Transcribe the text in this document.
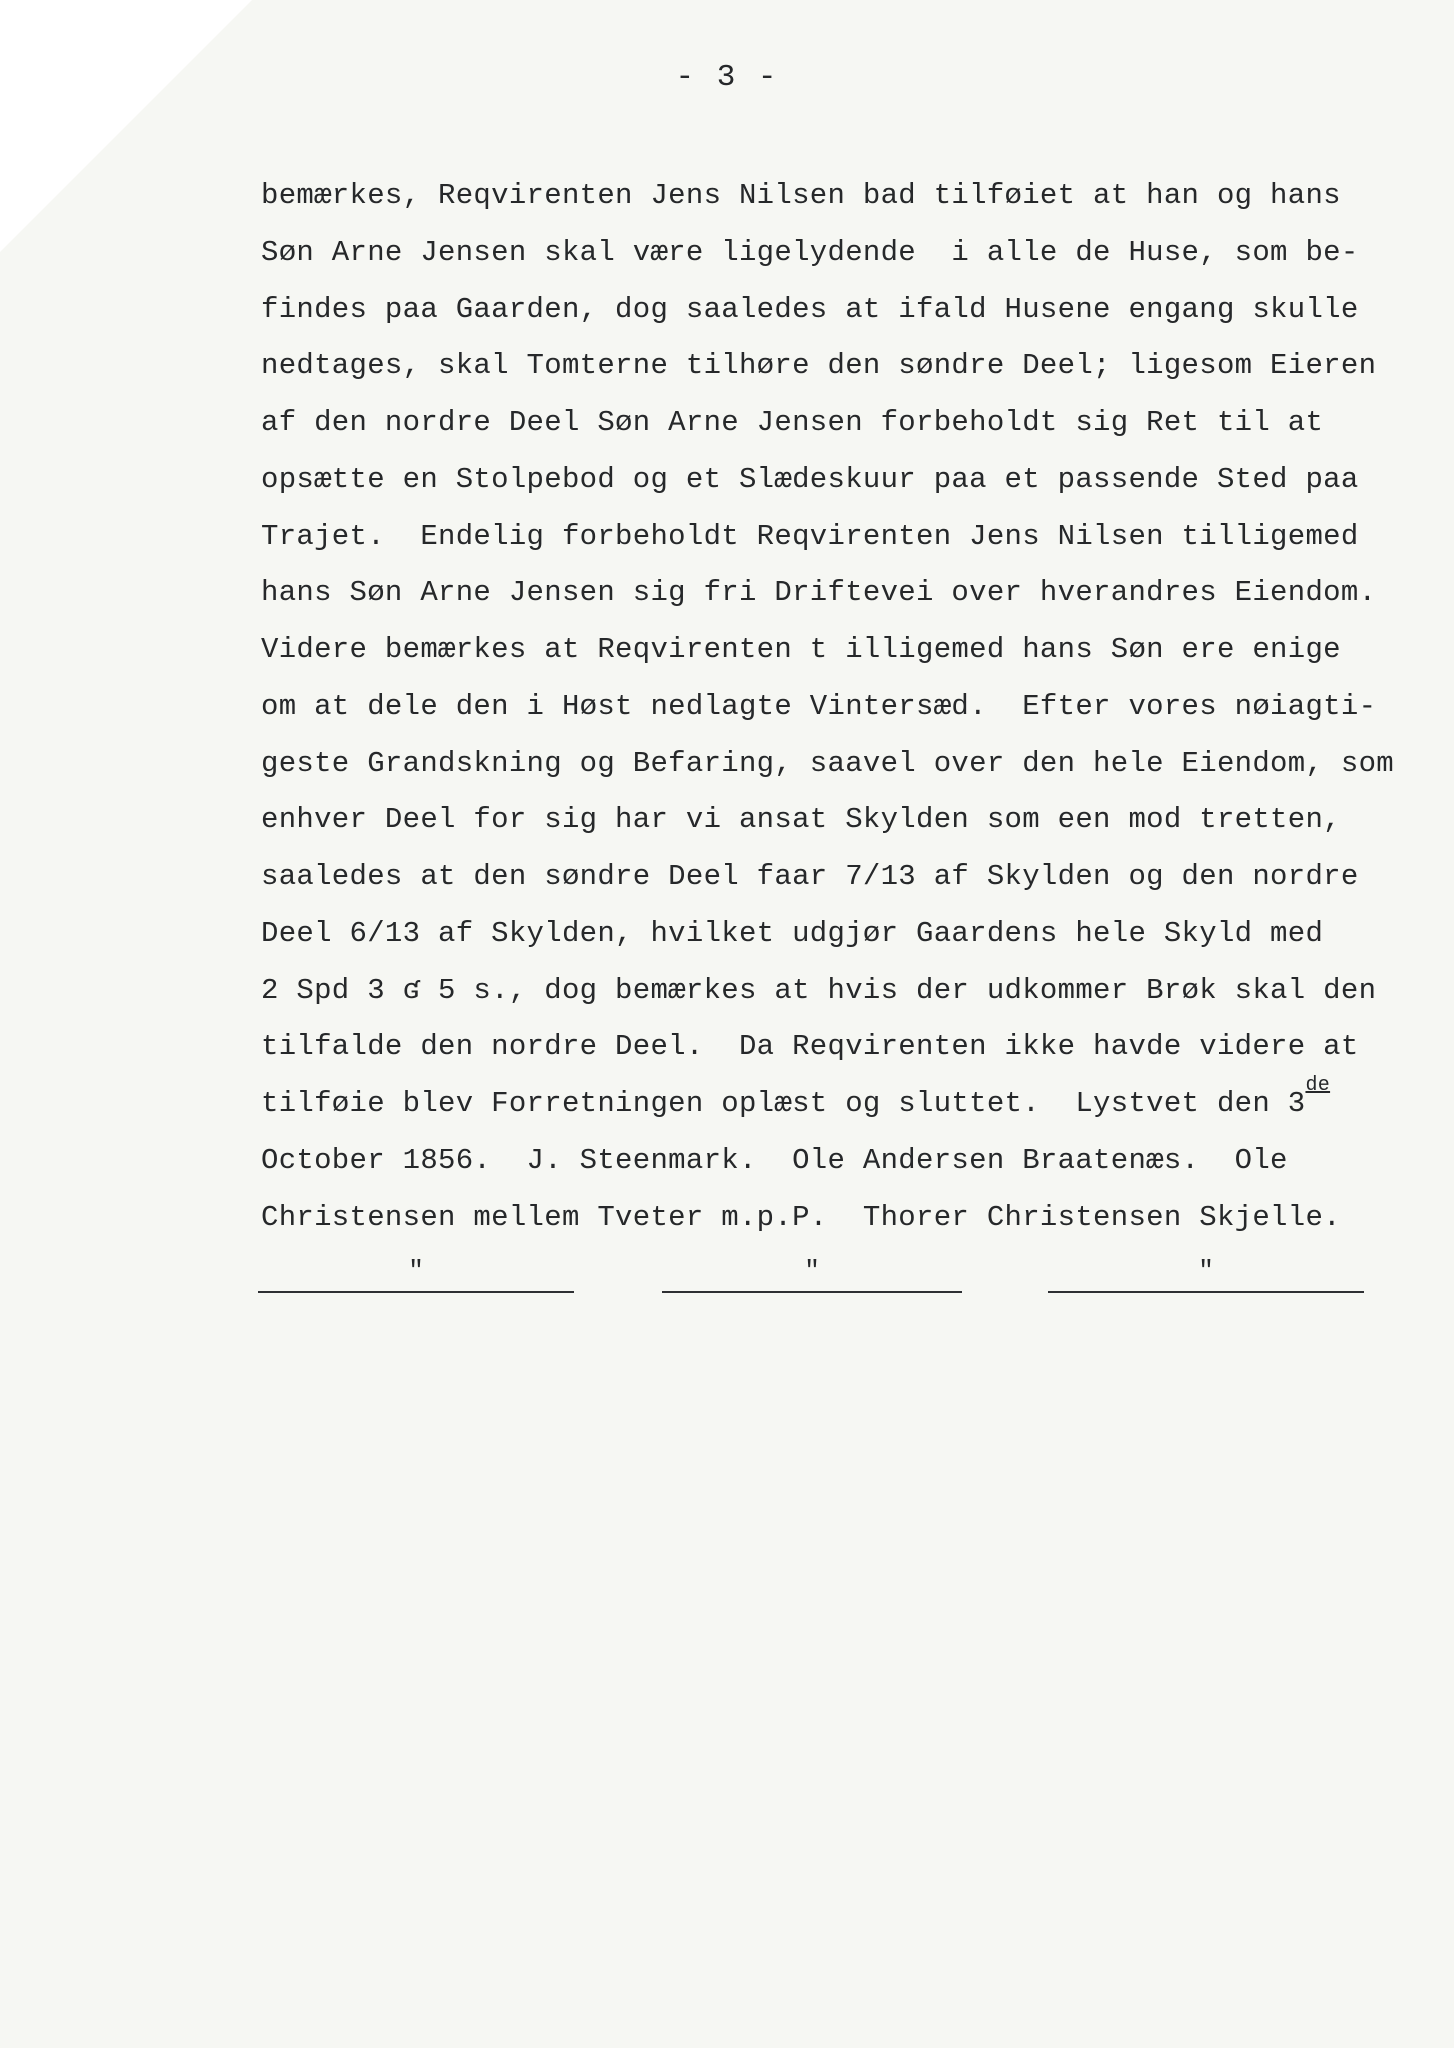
- 3 -
bemærkes, Reqvirenten Jens Nilsen bad tilføiet at han og hans
Søn Arne Jensen skal være ligelydende  i alle de Huse, som be-
findes paa Gaarden, dog saaledes at ifald Husene engang skulle
nedtages, skal Tomterne tilhøre den søndre Deel; ligesom Eieren
af den nordre Deel Søn Arne Jensen forbeholdt sig Ret til at
opsætte en Stolpebod og et Slædeskuur paa et passende Sted paa
Trajet.  Endelig forbeholdt Reqvirenten Jens Nilsen tilligemed
hans Søn Arne Jensen sig fri Driftevei over hverandres Eiendom.
Videre bemærkes at Reqvirenten t illigemed hans Søn ere enige
om at dele den i Høst nedlagte Vintersæd.  Efter vores nøiagti-
geste Grandskning og Befaring, saavel over den hele Eiendom, som
enhver Deel for sig har vi ansat Skylden som een mod tretten,
saaledes at den søndre Deel faar 7/13 af Skylden og den nordre
Deel 6/13 af Skylden, hvilket udgjør Gaardens hele Skyld med
2 Spd 3 ʛ 5 s., dog bemærkes at hvis der udkommer Brøk skal den
tilfalde den nordre Deel.  Da Reqvirenten ikke havde videre at
tilføie blev Forretningen oplæst og sluttet.  Lystvet den 3de
October 1856.  J. Steenmark.  Ole Andersen Braatenæs.  Ole
Christensen mellem Tveter m.p.P.  Thorer Christensen Skjelle.
"	"	"
